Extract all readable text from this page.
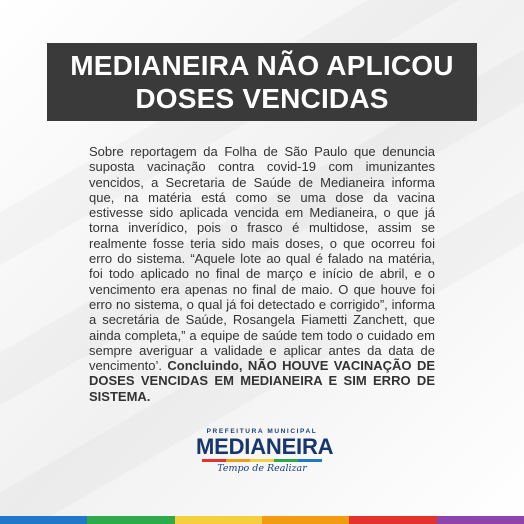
MEDIANEIRA NÃO APLICOU
DOSES VENCIDAS

Sobre reportagem da Folha de São Paulo que denuncia suposta vacinação contra covid-19 com imunizantes vencidos, a Secretaria de Saúde de Medianeira informa que, na matéria está como se uma dose da vacina estivesse sido aplicada vencida em Medianeira, o que já torna inverídico, pois o frasco é multidose, assim se realmente fosse teria sido mais doses, o que ocorreu foi erro do sistema. “Aquele lote ao qual é falado na matéria, foi todo aplicado no final de março e início de abril, e o vencimento era apenas no final de maio. O que houve foi erro no sistema, o qual já foi detectado e corrigido”, informa a secretária de Saúde, Rosangela Fiametti Zanchett, que ainda completa,” a equipe de saúde tem todo o cuidado em sempre averiguar a validade e aplicar antes da data de vencimento’. Concluindo, NÃO HOUVE VACINAÇÃO DE DOSES VENCIDAS EM MEDIANEIRA E SIM ERRO DE SISTEMA.

PREFEITURA MUNICIPAL
MEDIANEIRA
Tempo de Realizar
